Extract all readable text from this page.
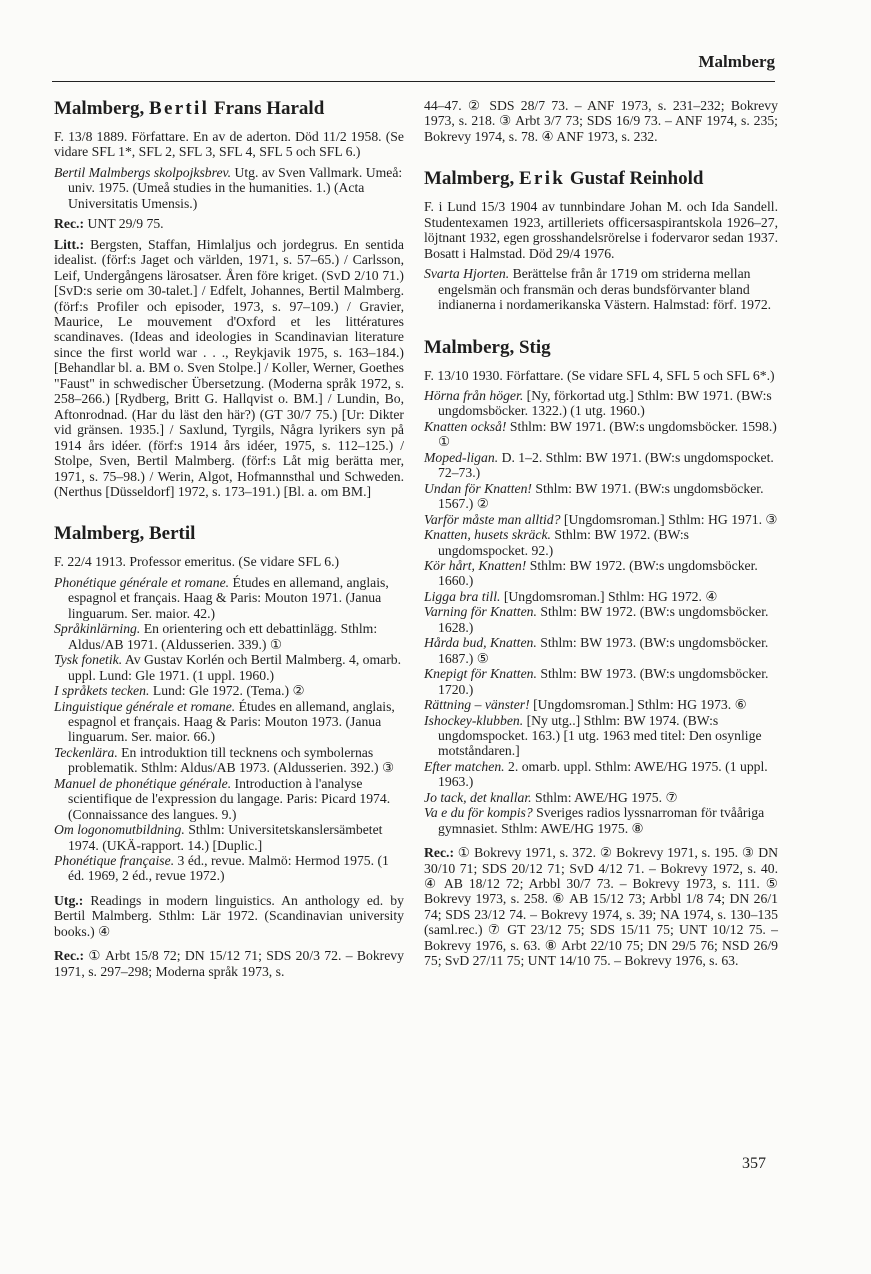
Malmberg
Malmberg, Bertil Frans Harald

F. 13/8 1889. Författare. En av de aderton. Död 11/2 1958. (Se vidare SFL 1*, SFL 2, SFL 3, SFL 4, SFL 5 och SFL 6.)

Bertil Malmbergs skolpojksbrev. Utg. av Sven Vallmark. Umeå: univ. 1975. (Umeå studies in the humanities. 1.) (Acta Universitatis Umensis.)

Rec.: UNT 29/9 75.

Litt.: Bergsten, Staffan, Himlaljus och jordegrus. En sentida idealist. (förf:s Jaget och världen, 1971, s. 57–65.) / Carlsson, Leif, Undergångens lärosatser. Åren före kriget. (SvD 2/10 71.) [SvD:s serie om 30-talet.] / Edfelt, Johannes, Bertil Malmberg. (förf:s Profiler och episoder, 1973, s. 97–109.) / Gravier, Maurice, Le mouvement d'Oxford et les littératures scandinaves. (Ideas and ideologies in Scandinavian literature since the first world war . . ., Reykjavik 1975, s. 163–184.) [Behandlar bl. a. BM o. Sven Stolpe.] / Koller, Werner, Goethes "Faust" in schwedischer Übersetzung. (Moderna språk 1972, s. 258–266.) [Rydberg, Britt G. Hallqvist o. BM.] / Lundin, Bo, Aftonrodnad. (Har du läst den här?) (GT 30/7 75.) [Ur: Dikter vid gränsen. 1935.] / Saxlund, Tyrgils, Några lyrikers syn på 1914 års idéer. (förf:s 1914 års idéer, 1975, s. 112–125.) / Stolpe, Sven, Bertil Malmberg. (förf:s Låt mig berätta mer, 1971, s. 75–98.) / Werin, Algot, Hofmannsthal und Schweden. (Nerthus [Düsseldorf] 1972, s. 173–191.) [Bl. a. om BM.]

Malmberg, Bertil

F. 22/4 1913. Professor emeritus. (Se vidare SFL 6.)

Phonétique générale et romane. Études en allemand, anglais, espagnol et français. Haag & Paris: Mouton 1971. (Janua linguarum. Ser. maior. 42.)

Språkinlärning. En orientering och ett debattinlägg. Sthlm: Aldus/AB 1971. (Aldusserien. 339.) ①

Tysk fonetik. Av Gustav Korlén och Bertil Malmberg. 4, omarb. uppl. Lund: Gle 1971. (1 uppl. 1960.)

I språkets tecken. Lund: Gle 1972. (Tema.) ②

Linguistique générale et romane. Études en allemand, anglais, espagnol et français. Haag & Paris: Mouton 1973. (Janua linguarum. Ser. maior. 66.)

Teckenlära. En introduktion till tecknens och symbolernas problematik. Sthlm: Aldus/AB 1973. (Aldusserien. 392.) ③

Manuel de phonétique générale. Introduction à l'analyse scientifique de l'expression du langage. Paris: Picard 1974. (Connaissance des langues. 9.)

Om logonomutbildning. Sthlm: Universitetskanslersämbetet 1974. (UKÄ-rapport. 14.) [Duplic.]

Phonétique française. 3 éd., revue. Malmö: Hermod 1975. (1 éd. 1969, 2 éd., revue 1972.)

Utg.: Readings in modern linguistics. An anthology ed. by Bertil Malmberg. Sthlm: Lär 1972. (Scandinavian university books.) ④

Rec.: ① Arbt 15/8 72; DN 15/12 71; SDS 20/3 72. – Bokrevy 1971, s. 297–298; Moderna språk 1973, s.

44–47. ② SDS 28/7 73. – ANF 1973, s. 231–232; Bokrevy 1973, s. 218. ③ Arbt 3/7 73; SDS 16/9 73. – ANF 1974, s. 235; Bokrevy 1974, s. 78. ④ ANF 1973, s. 232.

Malmberg, Erik Gustaf Reinhold

F. i Lund 15/3 1904 av tunnbindare Johan M. och Ida Sandell. Studentexamen 1923, artilleriets officersaspirantskola 1926–27, löjtnant 1932, egen grosshandelsrörelse i fodervaror sedan 1937. Bosatt i Halmstad. Död 29/4 1976.

Svarta Hjorten. Berättelse från år 1719 om striderna mellan engelsmän och fransmän och deras bundsförvanter bland indianerna i nordamerikanska Västern. Halmstad: förf. 1972.

Malmberg, Stig

F. 13/10 1930. Författare. (Se vidare SFL 4, SFL 5 och SFL 6*.)

Hörna från höger. [Ny, förkortad utg.] Sthlm: BW 1971. (BW:s ungdomsböcker. 1322.) (1 utg. 1960.)

Knatten också! Sthlm: BW 1971. (BW:s ungdomsböcker. 1598.) ①

Moped-ligan. D. 1–2. Sthlm: BW 1971. (BW:s ungdomspocket. 72–73.)

Undan för Knatten! Sthlm: BW 1971. (BW:s ungdomsböcker. 1567.) ②

Varför måste man alltid? [Ungdomsroman.] Sthlm: HG 1971. ③

Knatten, husets skräck. Sthlm: BW 1972. (BW:s ungdomspocket. 92.)

Kör hårt, Knatten! Sthlm: BW 1972. (BW:s ungdomsböcker. 1660.)

Ligga bra till. [Ungdomsroman.] Sthlm: HG 1972. ④

Varning för Knatten. Sthlm: BW 1972. (BW:s ungdomsböcker. 1628.)

Hårda bud, Knatten. Sthlm: BW 1973. (BW:s ungdomsböcker. 1687.) ⑤

Knepigt för Knatten. Sthlm: BW 1973. (BW:s ungdomsböcker. 1720.)

Rättning – vänster! [Ungdomsroman.] Sthlm: HG 1973. ⑥

Ishockey-klubben. [Ny utg..] Sthlm: BW 1974. (BW:s ungdomspocket. 163.) [1 utg. 1963 med titel: Den osynlige motståndaren.]

Efter matchen. 2. omarb. uppl. Sthlm: AWE/HG 1975. (1 uppl. 1963.)

Jo tack, det knallar. Sthlm: AWE/HG 1975. ⑦

Va e du för kompis? Sveriges radios lyssnarroman för tvååriga gymnasiet. Sthlm: AWE/HG 1975. ⑧

Rec.: ① Bokrevy 1971, s. 372. ② Bokrevy 1971, s. 195. ③ DN 30/10 71; SDS 20/12 71; SvD 4/12 71. – Bokrevy 1972, s. 40. ④ AB 18/12 72; Arbbl 30/7 73. – Bokrevy 1973, s. 111. ⑤ Bokrevy 1973, s. 258. ⑥ AB 15/12 73; Arbbl 1/8 74; DN 26/1 74; SDS 23/12 74. – Bokrevy 1974, s. 39; NA 1974, s. 130–135 (saml.rec.) ⑦ GT 23/12 75; SDS 15/11 75; UNT 10/12 75. – Bokrevy 1976, s. 63. ⑧ Arbt 22/10 75; DN 29/5 76; NSD 26/9 75; SvD 27/11 75; UNT 14/10 75. – Bokrevy 1976, s. 63.

357
